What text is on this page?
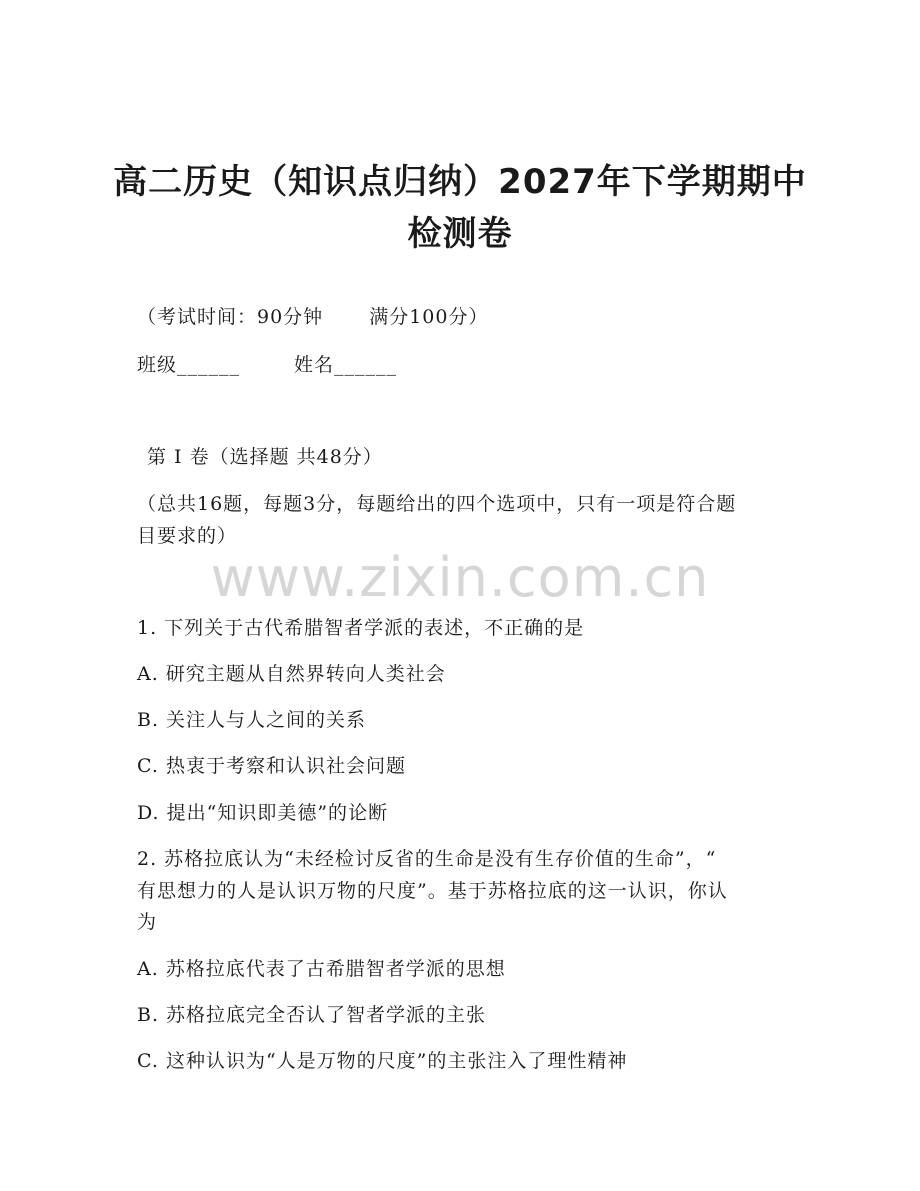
高二历史（知识点归纳）2027年下学期期中
检测卷
（考试时间：90分钟 满分100分）
班级______	姓名______
第 I 卷（选择题 共48分）
（总共16题，每题3分，每题给出的四个选项中，只有一项是符合题
目要求的）
www.zixin.com.cn
1. 下列关于古代希腊智者学派的表述，不正确的是
A. 研究主题从自然界转向人类社会
B. 关注人与人之间的关系
C. 热衷于考察和认识社会问题
D. 提出“知识即美德”的论断
2. 苏格拉底认为“未经检讨反省的生命是没有生存价值的生命”，“
有思想力的人是认识万物的尺度”。基于苏格拉底的这一认识，你认
为
A. 苏格拉底代表了古希腊智者学派的思想
B. 苏格拉底完全否认了智者学派的主张
C. 这种认识为“人是万物的尺度”的主张注入了理性精神
